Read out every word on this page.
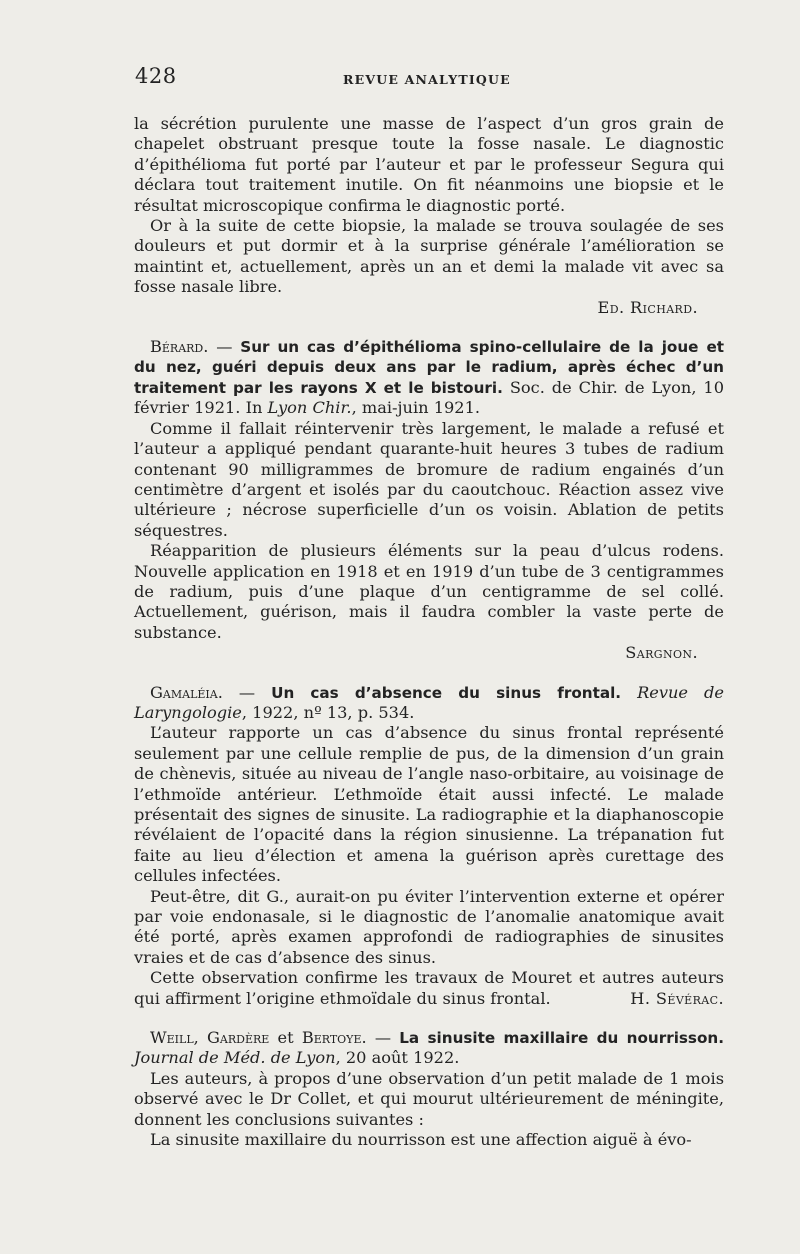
428	REVUE ANALYTIQUE

la sécrétion purulente une masse de l’aspect d’un gros grain de chapelet obstruant presque toute la fosse nasale. Le diagnostic d’épithélioma fut porté par l’auteur et par le professeur Segura qui déclara tout traitement inutile. On fit néanmoins une biopsie et le résultat microscopique confirma le diagnostic porté.

Or à la suite de cette biopsie, la malade se trouva soulagée de ses douleurs et put dormir et à la surprise générale l’amélioration se maintint et, actuellement, après un an et demi la malade vit avec sa fosse nasale libre.

Ed. Richard.

Bérard. — Sur un cas d’épithélioma spino-cellulaire de la joue et du nez, guéri depuis deux ans par le radium, après échec d’un traitement par les rayons X et le bistouri. Soc. de Chir. de Lyon, 10 février 1921. In Lyon Chir., mai-juin 1921.

Comme il fallait réintervenir très largement, le malade a refusé et l’auteur a appliqué pendant quarante-huit heures 3 tubes de radium contenant 90 milligrammes de bromure de radium engainés d’un centimètre d’argent et isolés par du caoutchouc. Réaction assez vive ultérieure ; nécrose superficielle d’un os voisin. Ablation de petits séquestres.

Réapparition de plusieurs éléments sur la peau d’ulcus rodens. Nouvelle application en 1918 et en 1919 d’un tube de 3 centigrammes de radium, puis d’une plaque d’un centigramme de sel collé. Actuellement, guérison, mais il faudra combler la vaste perte de substance.

Sargnon.

Gamaléia. — Un cas d’absence du sinus frontal. Revue de Laryngologie, 1922, nº 13, p. 534.

L’auteur rapporte un cas d’absence du sinus frontal représenté seulement par une cellule remplie de pus, de la dimension d’un grain de chènevis, située au niveau de l’angle naso-orbitaire, au voisinage de l’ethmoïde antérieur. L’ethmoïde était aussi infecté. Le malade présentait des signes de sinusite. La radiographie et la diaphanoscopie révélaient de l’opacité dans la région sinusienne. La trépanation fut faite au lieu d’élection et amena la guérison après curettage des cellules infectées.

Peut-être, dit G., aurait-on pu éviter l’intervention externe et opérer par voie endonasale, si le diagnostic de l’anomalie anatomique avait été porté, après examen approfondi de radiographies de sinusites vraies et de cas d’absence des sinus.

Cette observation confirme les travaux de Mouret et autres auteurs qui affirment l’origine ethmoïdale du sinus frontal.	H. Sévérac.

Weill, Gardère et Bertoye. — La sinusite maxillaire du nourrisson. Journal de Méd. de Lyon, 20 août 1922.

Les auteurs, à propos d’une observation d’un petit malade de 1 mois observé avec le Dr Collet, et qui mourut ultérieurement de méningite, donnent les conclusions suivantes :

La sinusite maxillaire du nourrisson est une affection aiguë à évo-
